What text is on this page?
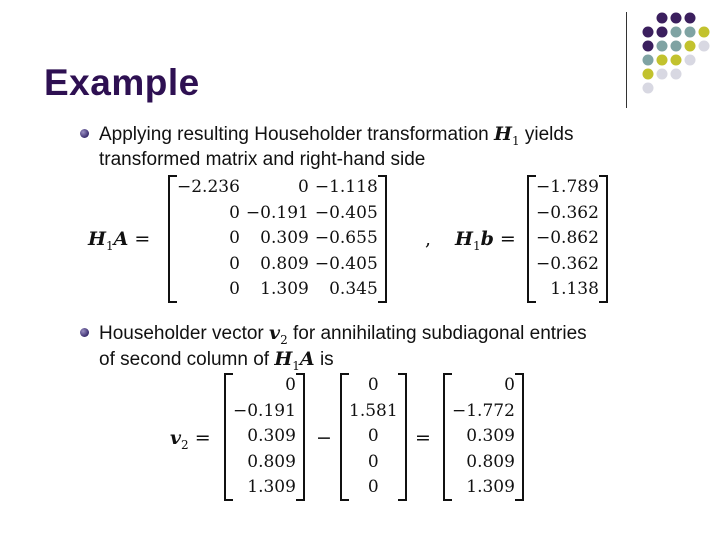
Example
Applying resulting Householder transformation $H_1$ yields
transformed matrix and right-hand side
$H_1A$ =
−2.236	0	−1.118
0	−0.191	−0.405
0	0.309	−0.655
0	0.809	−0.405
0	1.309	0.345
, $H_1b$ =
−1.789
−0.362
−0.862
−0.362
1.138
Householder vector $v_2$ for annihilating subdiagonal entries
of second column of $H_1A$ is
$v_2$ =
0
−0.191
0.309
0.809
1.309
−
0
1.581
0
0
0
=
0
−1.772
0.309
0.809
1.309
